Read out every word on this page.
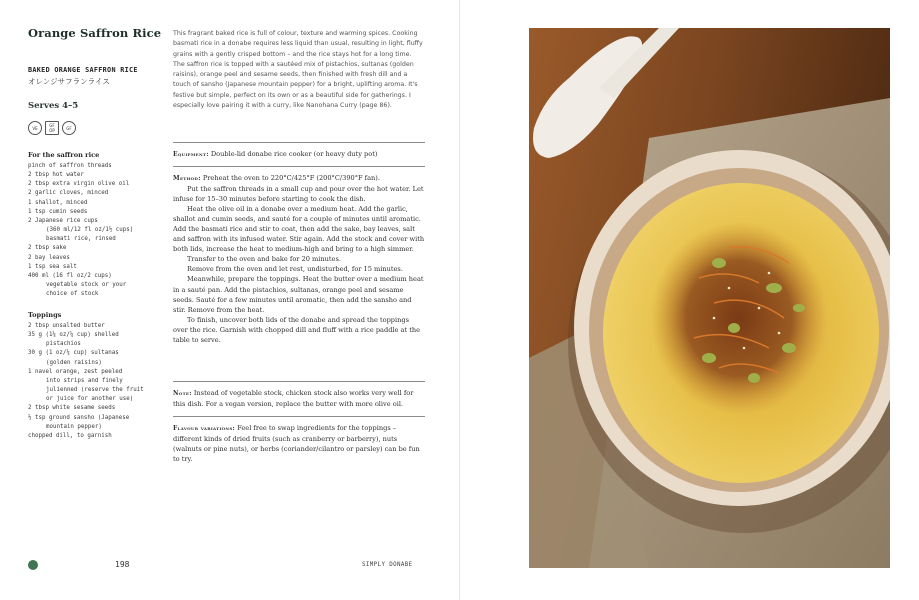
Orange Saffron Rice
BAKED ORANGE SAFFRON RICE
オレンジサフランライス
Serves 4–5
VE	GF
OP	GF
For the saffron rice
pinch of saffron threads
2 tbsp hot water
2 tbsp extra virgin olive oil
2 garlic cloves, minced
1 shallot, minced
1 tsp cumin seeds
2 Japanese rice cups
(360 ml/12 fl oz/1½ cups)
basmati rice, rinsed
2 tbsp sake
2 bay leaves
1 tsp sea salt
400 ml (16 fl oz/2 cups)
vegetable stock or your
choice of stock
Toppings
2 tbsp unsalted butter
35 g (1¼ oz/¼ cup) shelled
pistachios
30 g (1 oz/¼ cup) sultanas
(golden raisins)
1 navel orange, zest peeled
into strips and finely
julienned (reserve the fruit
or juice for another use)
2 tbsp white sesame seeds
½ tsp ground sansho (Japanese
mountain pepper)
chopped dill, to garnish
This fragrant baked rice is full of colour, texture and warming spices. Cooking basmati rice in a donabe requires less liquid than usual, resulting in light, fluffy grains with a gently crisped bottom – and the rice stays hot for a long time. The saffron rice is topped with a sautéed mix of pistachios, sultanas (golden raisins), orange peel and sesame seeds, then finished with fresh dill and a touch of sansho (Japanese mountain pepper) for a bright, uplifting aroma. It's festive but simple, perfect on its own or as a beautiful side for gatherings. I especially love pairing it with a curry, like Nanohana Curry (page 86).
Equipment: Double-lid donabe rice cooker (or heavy duty pot)

Method: Preheat the oven to 220°C/425°F (200°C/390°F fan).

Put the saffron threads in a small cup and pour over the hot water. Let infuse for 15–30 minutes before starting to cook the dish.

Heat the olive oil in a donabe over a medium heat. Add the garlic, shallot and cumin seeds, and sauté for a couple of minutes until aromatic. Add the basmati rice and stir to coat, then add the sake, bay leaves, salt and saffron with its infused water. Stir again. Add the stock and cover with both lids, increase the heat to medium-high and bring to a high simmer.

Transfer to the oven and bake for 20 minutes.

Remove from the oven and let rest, undisturbed, for 15 minutes.

Meanwhile, prepare the toppings. Heat the butter over a medium heat in a sauté pan. Add the pistachios, sultanas, orange peel and sesame seeds. Sauté for a few minutes until aromatic, then add the sansho and stir. Remove from the heat.

To finish, uncover both lids of the donabe and spread the toppings over the rice. Garnish with chopped dill and fluff with a rice paddle at the table to serve.

Note: Instead of vegetable stock, chicken stock also works very well for this dish. For a vegan version, replace the butter with more olive oil.
Flavour variations: Feel free to swap ingredients for the toppings – different kinds of dried fruits (such as cranberry or barberry), nuts (walnuts or pine nuts), or herbs (coriander/cilantro or parsley) can be fun to try.
198	SIMPLY DONABE
